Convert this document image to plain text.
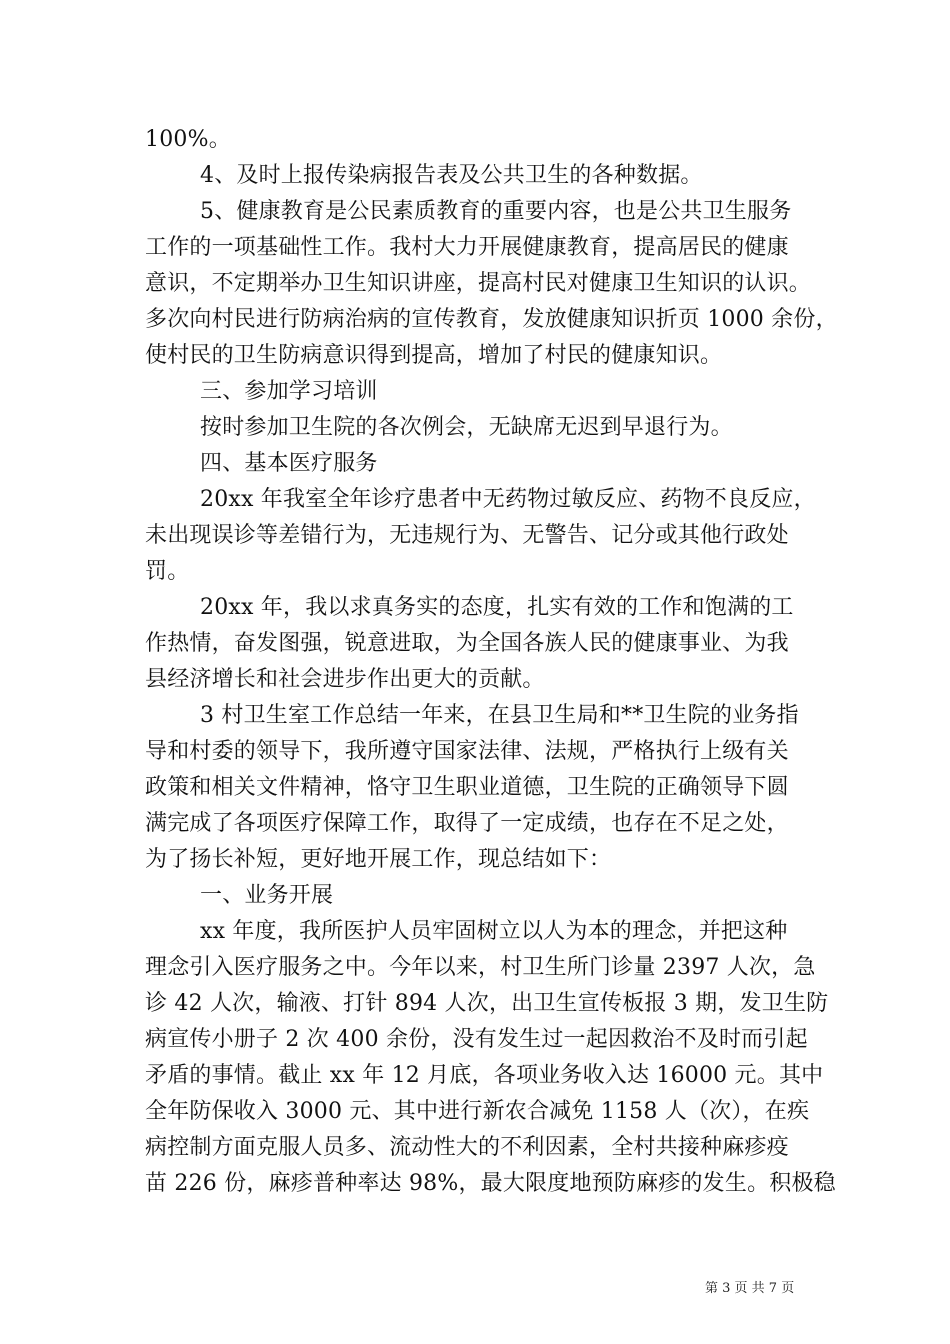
100%。
4、及时上报传染病报告表及公共卫生的各种数据。
5、健康教育是公民素质教育的重要内容，也是公共卫生服务
工作的一项基础性工作。我村大力开展健康教育，提高居民的健康
意识，不定期举办卫生知识讲座，提高村民对健康卫生知识的认识。
多次向村民进行防病治病的宣传教育，发放健康知识折页 1000 余份，
使村民的卫生防病意识得到提高，增加了村民的健康知识。
三、参加学习培训
按时参加卫生院的各次例会，无缺席无迟到早退行为。
四、基本医疗服务
20xx 年我室全年诊疗患者中无药物过敏反应、药物不良反应，
未出现误诊等差错行为，无违规行为、无警告、记分或其他行政处
罚。
20xx 年，我以求真务实的态度，扎实有效的工作和饱满的工
作热情，奋发图强，锐意进取，为全国各族人民的健康事业、为我
县经济增长和社会进步作出更大的贡献。
3 村卫生室工作总结一年来，在县卫生局和**卫生院的业务指
导和村委的领导下，我所遵守国家法律、法规，严格执行上级有关
政策和相关文件精神，恪守卫生职业道德，卫生院的正确领导下圆
满完成了各项医疗保障工作，取得了一定成绩，也存在不足之处，
为了扬长补短，更好地开展工作，现总结如下：
一、业务开展
xx 年度，我所医护人员牢固树立以人为本的理念，并把这种
理念引入医疗服务之中。今年以来，村卫生所门诊量 2397 人次，急
诊 42 人次，输液、打针 894 人次，出卫生宣传板报 3 期，发卫生防
病宣传小册子 2 次 400 余份，没有发生过一起因救治不及时而引起
矛盾的事情。截止 xx 年 12 月底，各项业务收入达 16000 元。其中
全年防保收入 3000 元、其中进行新农合减免 1158 人（次），在疾
病控制方面克服人员多、流动性大的不利因素，全村共接种麻疹疫
苗 226 份，麻疹普种率达 98%，最大限度地预防麻疹的发生。积极稳
第 3 页 共 7 页
